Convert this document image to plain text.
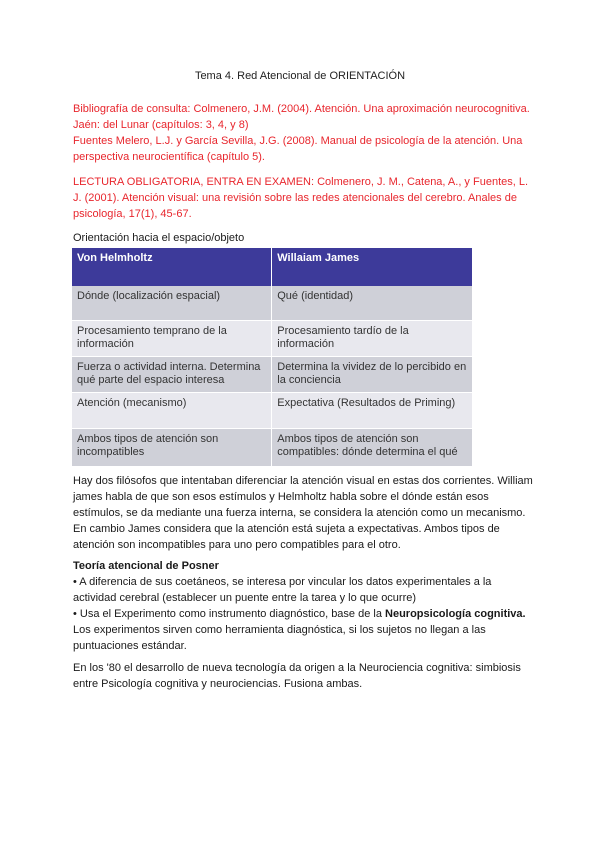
Tema 4. Red Atencional de ORIENTACIÓN
Bibliografía de consulta: Colmenero, J.M. (2004). Atención. Una aproximación neurocognitiva. Jaén: del Lunar (capítulos: 3, 4, y 8)
Fuentes Melero, L.J. y García Sevilla, J.G. (2008). Manual de psicología de la atención. Una perspectiva neurocientífica (capítulo 5).
LECTURA OBLIGATORIA, ENTRA EN EXAMEN: Colmenero, J. M., Catena, A., y Fuentes, L. J. (2001). Atención visual: una revisión sobre las redes atencionales del cerebro. Anales de psicología, 17(1), 45-67.
Orientación hacia el espacio/objeto
Von Helmholtz	Willaiam James
Dónde (localización espacial)	Qué (identidad)
Procesamiento temprano de la información	Procesamiento tardío de la información
Fuerza o actividad interna. Determina qué parte del espacio interesa	Determina la vividez de lo percibido en la conciencia
Atención (mecanismo)	Expectativa (Resultados de Priming)
Ambos tipos de atención son incompatibles	Ambos tipos de atención son compatibles: dónde determina el qué
Hay dos filósofos que intentaban diferenciar la atención visual en estas dos corrientes. William james habla de que son esos estímulos y Helmholtz habla sobre el dónde están esos estímulos, se da mediante una fuerza interna, se considera la atención como un mecanismo. En cambio James considera que la atención está sujeta a expectativas. Ambos tipos de atención son incompatibles para uno pero compatibles para el otro.
Teoría atencional de Posner
• A diferencia de sus coetáneos, se interesa por vincular los datos experimentales a la actividad cerebral (establecer un puente entre la tarea y lo que ocurre)
• Usa el Experimento como instrumento diagnóstico, base de la Neuropsicología cognitiva. Los experimentos sirven como herramienta diagnóstica, si los sujetos no llegan a las puntuaciones estándar.
En los '80 el desarrollo de nueva tecnología da origen a la Neurociencia cognitiva: simbiosis entre Psicología cognitiva y neurociencias. Fusiona ambas.
